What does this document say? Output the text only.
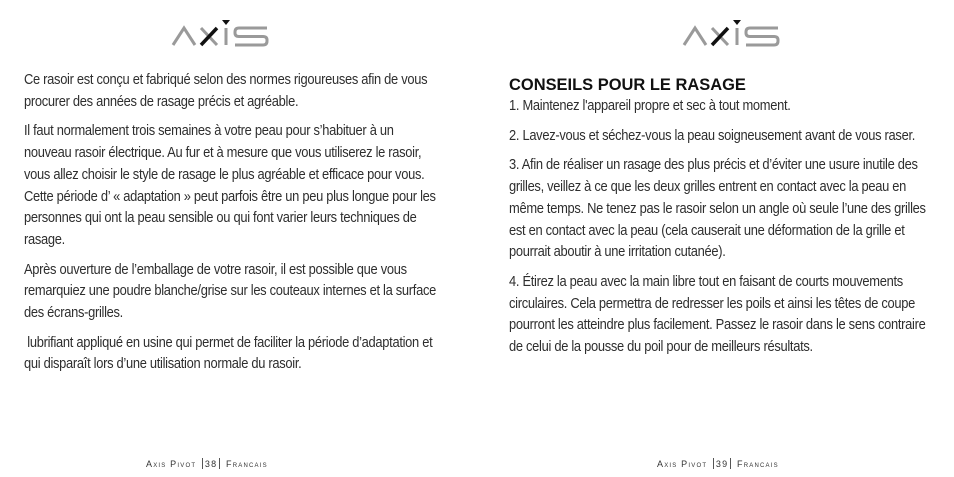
Ce rasoir est conçu et fabriqué selon des normes rigoureuses afin de vous procurer des années de rasage précis et agréable.

Il faut normalement trois semaines à votre peau pour s’habituer à un nouveau rasoir électrique. Au fur et à mesure que vous utiliserez le rasoir, vous allez choisir le style de rasage le plus agréable et efficace pour vous. Cette période d’ « adaptation » peut parfois être un peu plus longue pour les personnes qui ont la peau sensible ou qui font varier leurs techniques de rasage.

Après ouverture de l’emballage de votre rasoir, il est possible que vous remarquiez une poudre blanche/grise sur les couteaux internes et la surface des écrans-grilles.

lubrifiant appliqué en usine qui permet de faciliter la période d’adaptation et qui disparaît lors d’une utilisation normale du rasoir.

Axis Pivot 38 Francais
CONSEILS POUR LE RASAGE

1. Maintenez l'appareil propre et sec à tout moment.

2. Lavez-vous et séchez-vous la peau soigneusement avant de vous raser.

3. Afin de réaliser un rasage des plus précis et d’éviter une usure inutile des grilles, veillez à ce que les deux grilles entrent en contact avec la peau en même temps. Ne tenez pas le rasoir selon un angle où seule l’une des grilles est en contact avec la peau (cela causerait une déformation de la grille et pourrait aboutir à une irritation cutanée).

4. Étirez la peau avec la main libre tout en faisant de courts mouvements circulaires. Cela permettra de redresser les poils et ainsi les têtes de coupe pourront les atteindre plus facilement. Passez le rasoir dans le sens contraire de celui de la pousse du poil pour de meilleurs résultats.

Axis Pivot 39 Francais
